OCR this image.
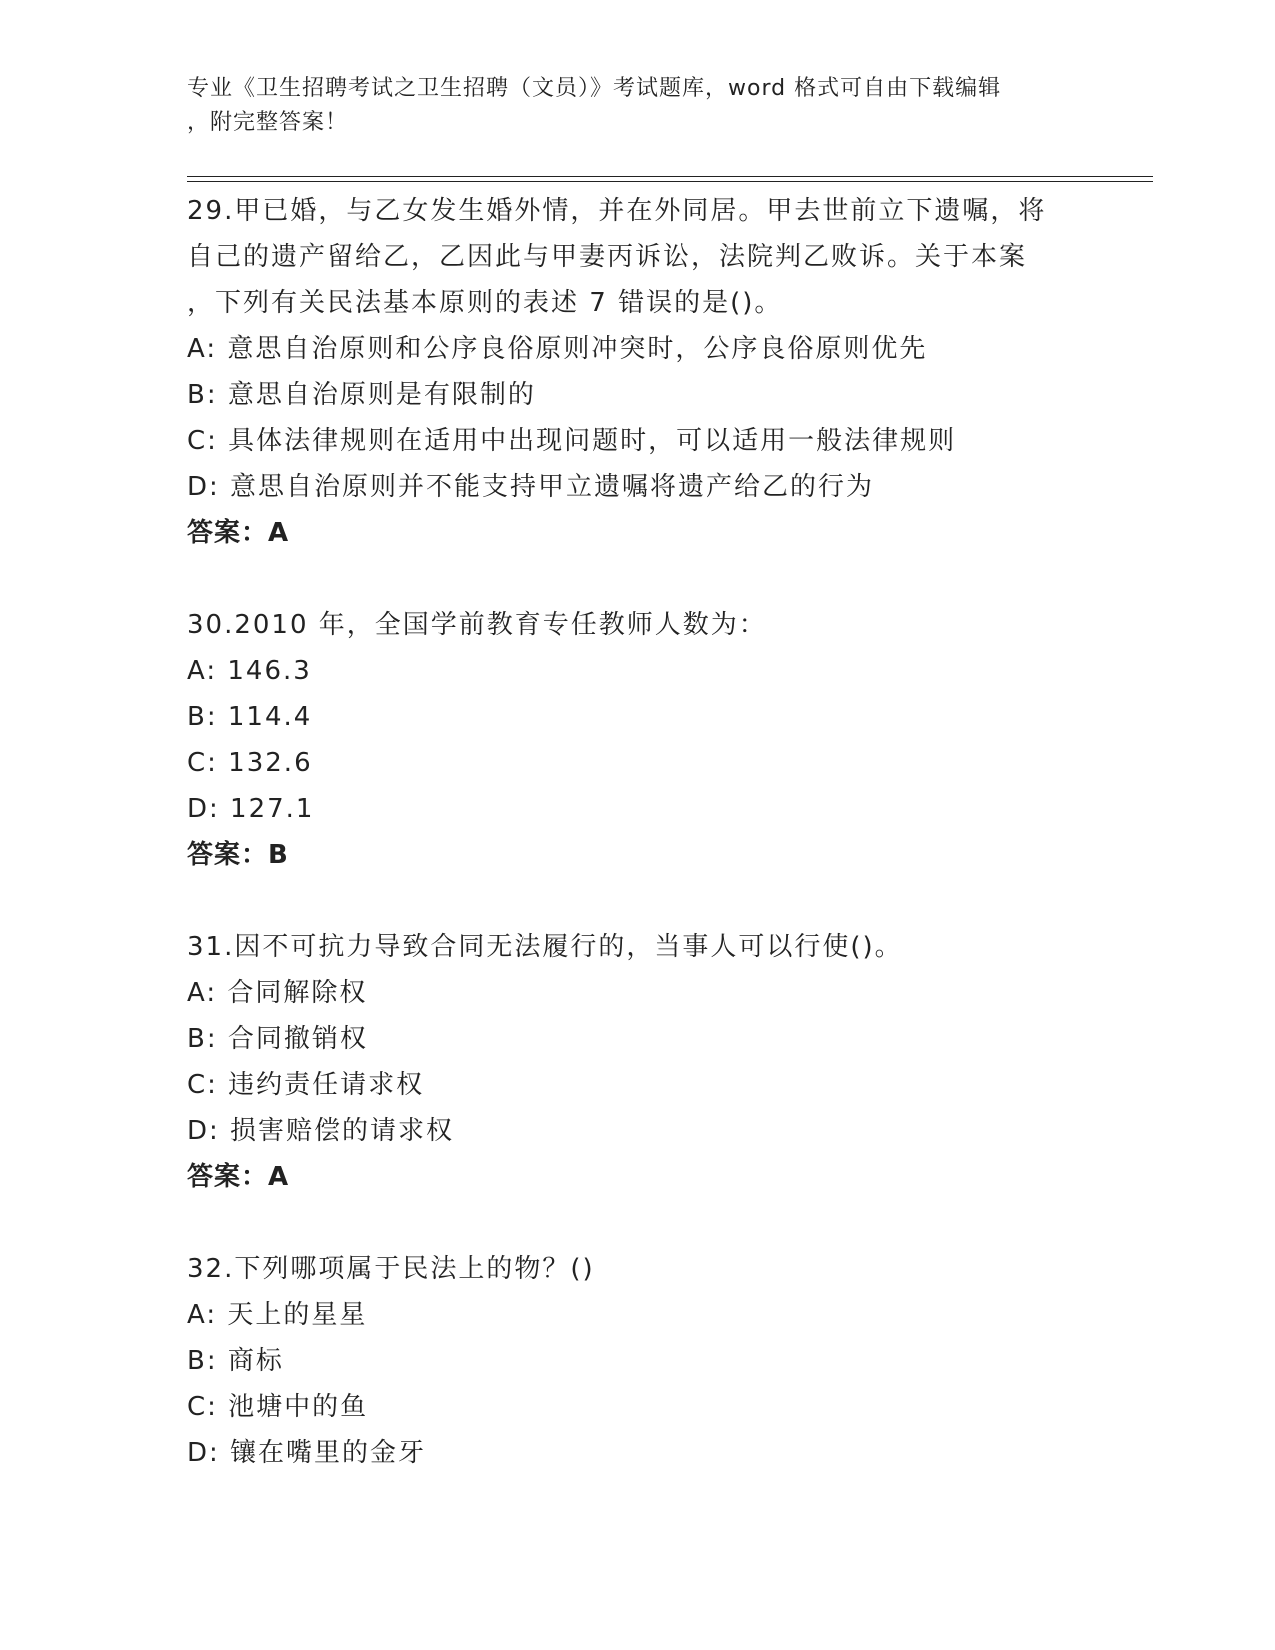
专业《卫生招聘考试之卫生招聘（文员）》考试题库，word 格式可自由下载编辑
，附完整答案！
29.甲已婚，与乙女发生婚外情，并在外同居。甲去世前立下遗嘱，将
自己的遗产留给乙，乙因此与甲妻丙诉讼，法院判乙败诉。关于本案
，下列有关民法基本原则的表述 7 错误的是()。
A: 意思自治原则和公序良俗原则冲突时，公序良俗原则优先
B: 意思自治原则是有限制的
C: 具体法律规则在适用中出现问题时，可以适用一般法律规则
D: 意思自治原则并不能支持甲立遗嘱将遗产给乙的行为
答案：A
30.2010 年，全国学前教育专任教师人数为：
A: 146.3
B: 114.4
C: 132.6
D: 127.1
答案：B
31.因不可抗力导致合同无法履行的，当事人可以行使()。
A: 合同解除权
B: 合同撤销权
C: 违约责任请求权
D: 损害赔偿的请求权
答案：A
32.下列哪项属于民法上的物？()
A: 天上的星星
B: 商标
C: 池塘中的鱼
D: 镶在嘴里的金牙
